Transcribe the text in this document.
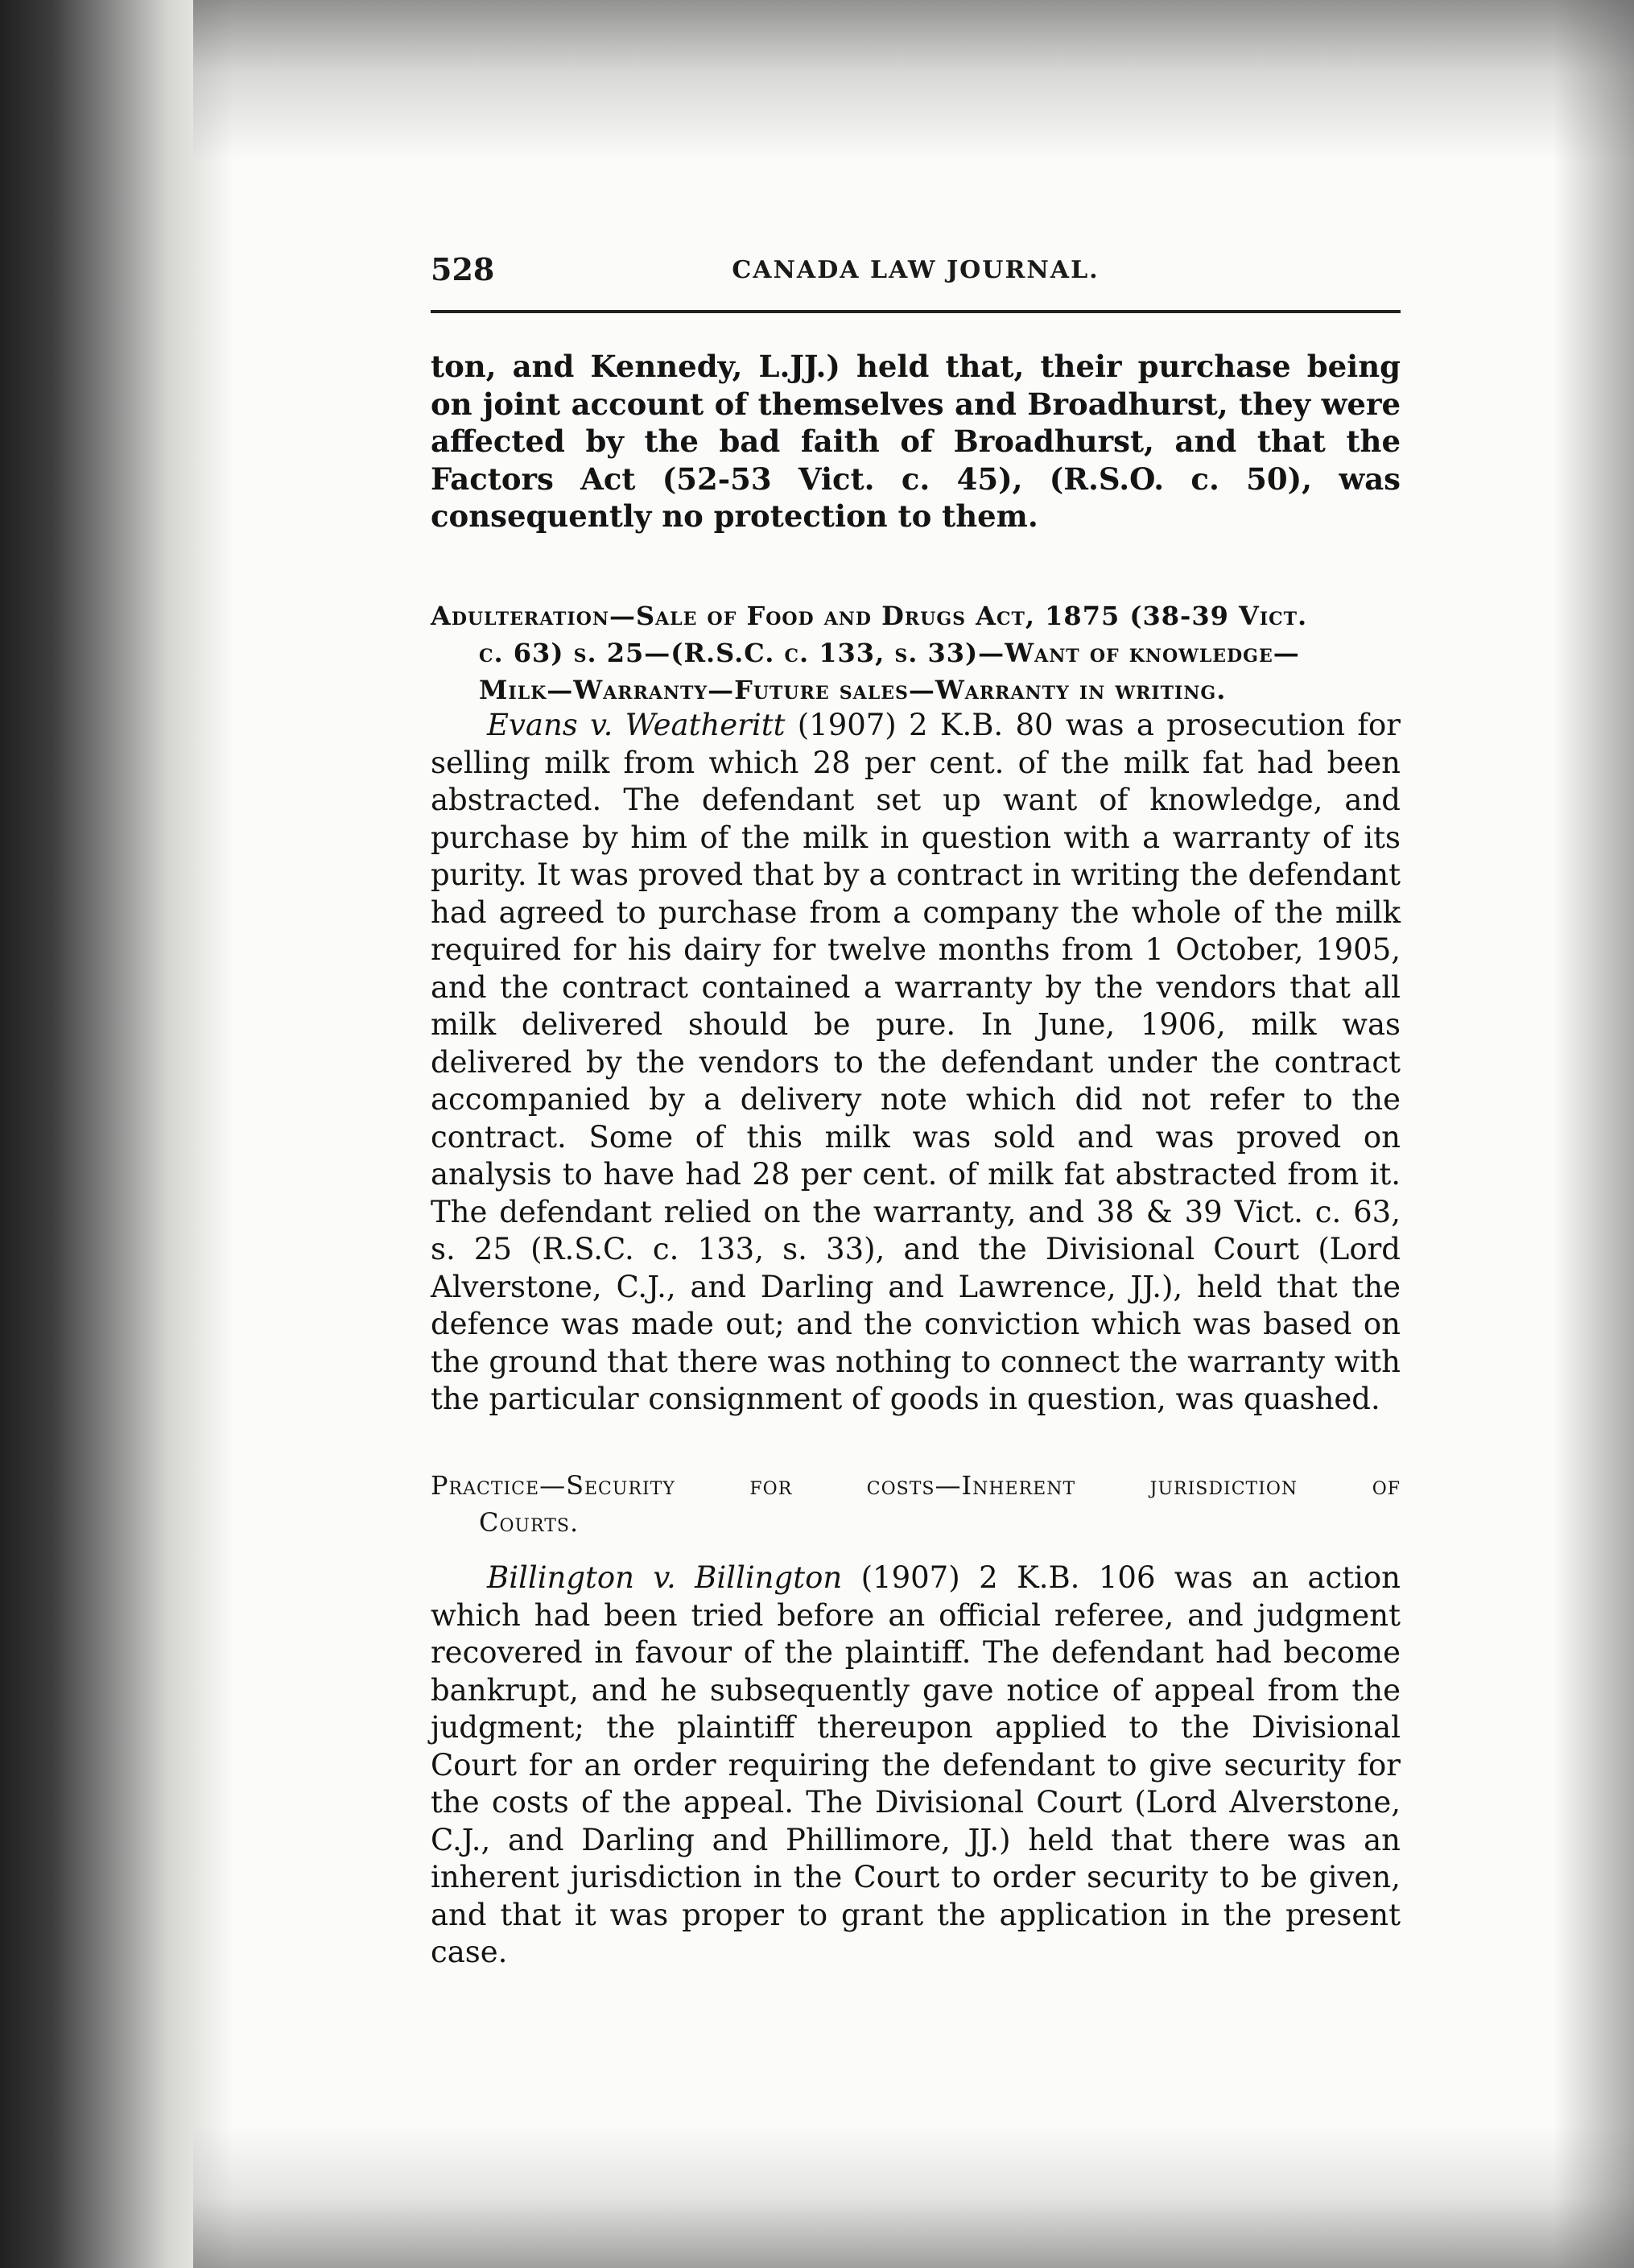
528	CANADA LAW JOURNAL.

ton, and Kennedy, L.JJ.) held that, their purchase being on joint account of themselves and Broadhurst, they were affected by the bad faith of Broadhurst, and that the Factors Act (52-53 Vict. c. 45), (R.S.O. c. 50), was consequently no protection to them.

Adulteration—Sale of Food and Drugs Act, 1875 (38-39 Vict.
c. 63) s. 25—(R.S.C. c. 133, s. 33)—Want of knowledge—
Milk—Warranty—Future sales—Warranty in writing.

Evans v. Weatheritt (1907) 2 K.B. 80 was a prosecution for selling milk from which 28 per cent. of the milk fat had been abstracted. The defendant set up want of knowledge, and purchase by him of the milk in question with a warranty of its purity. It was proved that by a contract in writing the defendant had agreed to purchase from a company the whole of the milk required for his dairy for twelve months from 1 October, 1905, and the contract contained a warranty by the vendors that all milk delivered should be pure. In June, 1906, milk was delivered by the vendors to the defendant under the contract accompanied by a delivery note which did not refer to the contract. Some of this milk was sold and was proved on analysis to have had 28 per cent. of milk fat abstracted from it. The defendant relied on the warranty, and 38 & 39 Vict. c. 63, s. 25 (R.S.C. c. 133, s. 33), and the Divisional Court (Lord Alverstone, C.J., and Darling and Lawrence, JJ.), held that the defence was made out; and the conviction which was based on the ground that there was nothing to connect the warranty with the particular consignment of goods in question, was quashed.

Practice—Security for costs—Inherent jurisdiction of
Courts.

Billington v. Billington (1907) 2 K.B. 106 was an action which had been tried before an official referee, and judgment recovered in favour of the plaintiff. The defendant had become bankrupt, and he subsequently gave notice of appeal from the judgment; the plaintiff thereupon applied to the Divisional Court for an order requiring the defendant to give security for the costs of the appeal. The Divisional Court (Lord Alverstone, C.J., and Darling and Phillimore, JJ.) held that there was an inherent jurisdiction in the Court to order security to be given, and that it was proper to grant the application in the present case.
